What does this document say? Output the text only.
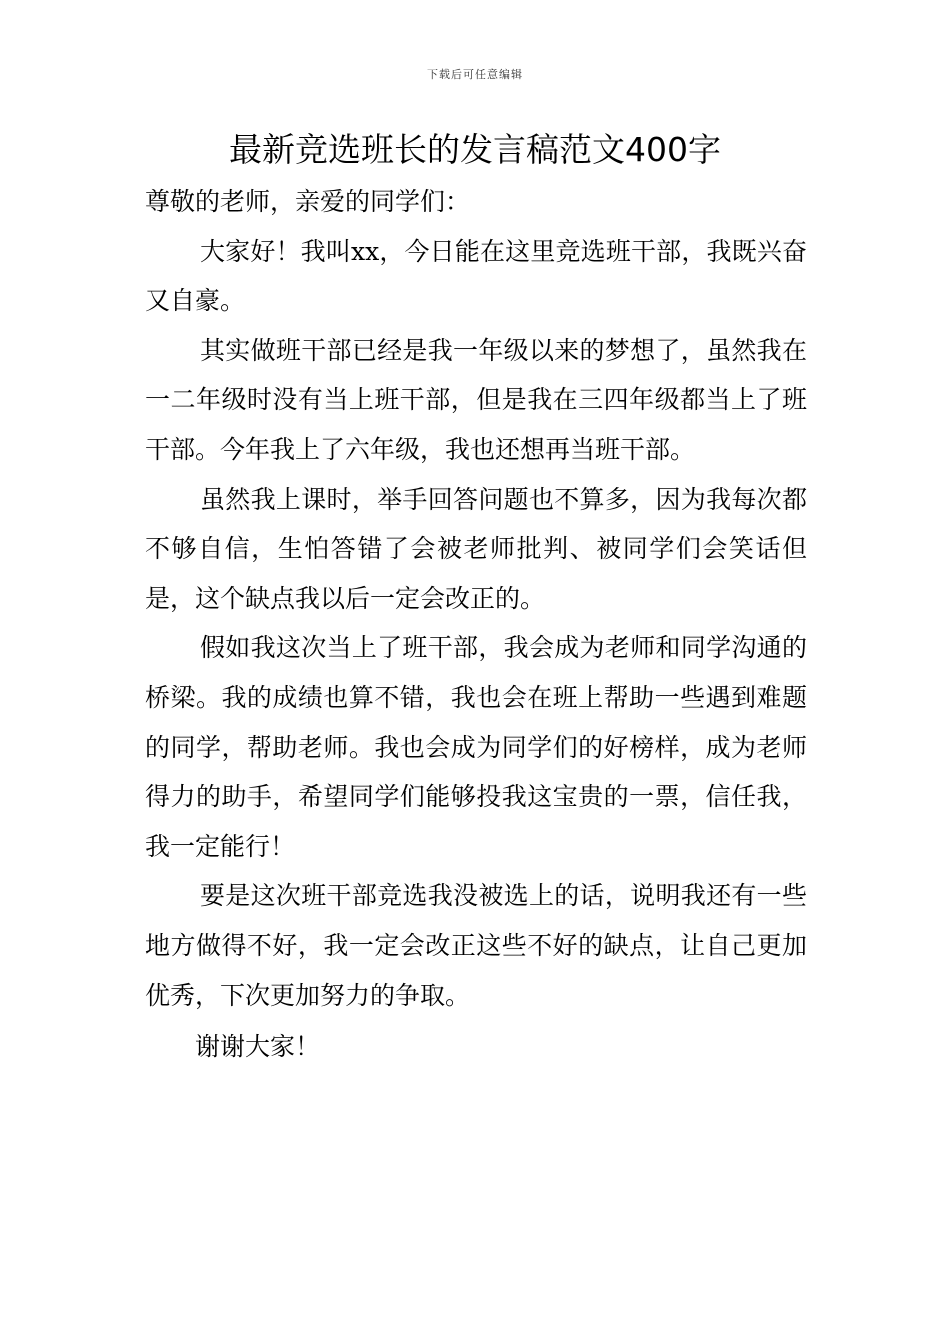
下载后可任意编辑
最新竞选班长的发言稿范文400字

尊敬的老师，亲爱的同学们：

大家好！我叫xx，今日能在这里竞选班干部，我既兴奋又自豪。

其实做班干部已经是我一年级以来的梦想了，虽然我在一二年级时没有当上班干部，但是我在三四年级都当上了班干部。今年我上了六年级，我也还想再当班干部。

虽然我上课时，举手回答问题也不算多，因为我每次都不够自信，生怕答错了会被老师批判、被同学们会笑话但是，这个缺点我以后一定会改正的。

假如我这次当上了班干部，我会成为老师和同学沟通的桥梁。我的成绩也算不错，我也会在班上帮助一些遇到难题的同学，帮助老师。我也会成为同学们的好榜样，成为老师得力的助手，希望同学们能够投我这宝贵的一票，信任我，我一定能行！

要是这次班干部竞选我没被选上的话，说明我还有一些地方做得不好，我一定会改正这些不好的缺点，让自己更加优秀，下次更加努力的争取。

谢谢大家！
